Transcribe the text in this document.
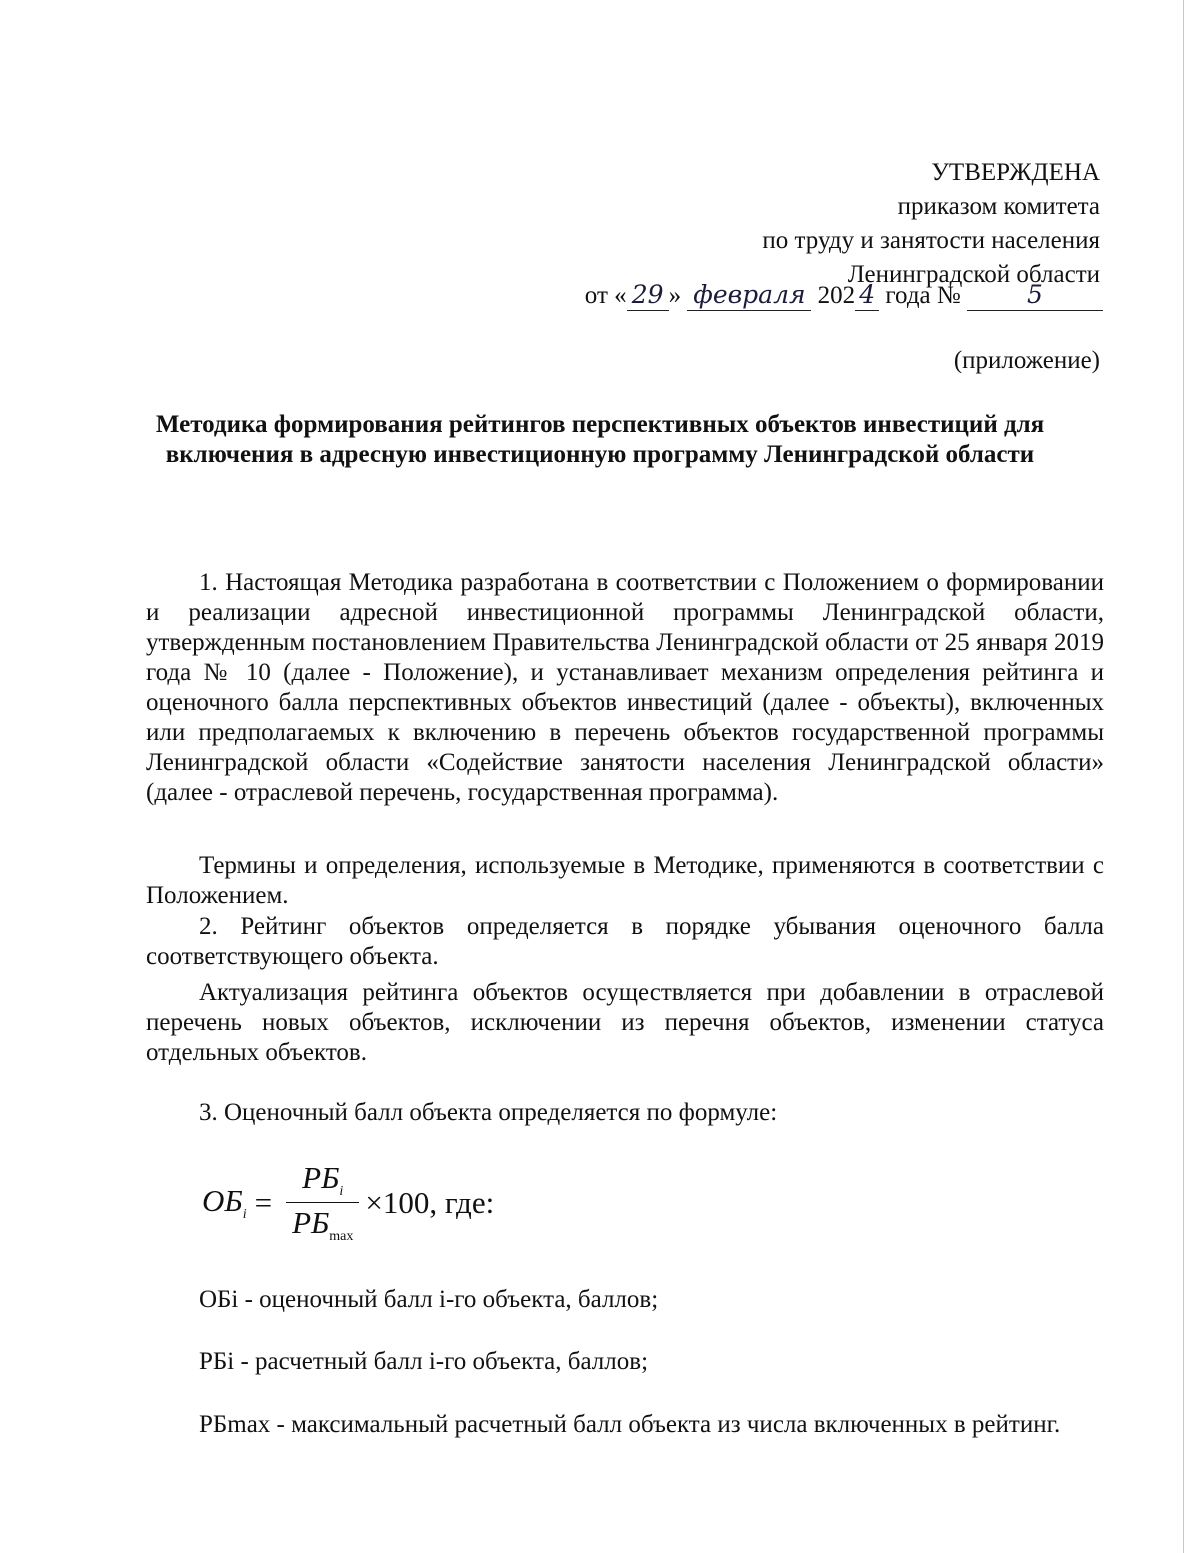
УТВЕРЖДЕНА
приказом комитета
по труду и занятости населения
Ленинградской области
от « 29 » февраля 202 4 года №	5
(приложение)
Методика формирования рейтингов перспективных объектов инвестиций для включения в адресную инвестиционную программу Ленинградской области
1. Настоящая Методика разработана в соответствии с Положением о формировании и реализации адресной инвестиционной программы Ленинградской области, утвержденным постановлением Правительства Ленинградской области от 25 января 2019 года № 10 (далее - Положение), и устанавливает механизм определения рейтинга и оценочного балла перспективных объектов инвестиций (далее - объекты), включенных или предполагаемых к включению в перечень объектов государственной программы Ленинградской области «Содействие занятости населения Ленинградской области» (далее - отраслевой перечень, государственная программа).
Термины и определения, используемые в Методике, применяются в соответствии с Положением.
2. Рейтинг объектов определяется в порядке убывания оценочного балла соответствующего объекта.
Актуализация рейтинга объектов осуществляется при добавлении в отраслевой перечень новых объектов, исключении из перечня объектов, изменении статуса отдельных объектов.
3. Оценочный балл объекта определяется по формуле:
$ОБ_i = \frac{РБ_i}{РБ_{max}} \times 100$, где:
ОБi - оценочный балл i-го объекта, баллов;
РБi - расчетный балл i-го объекта, баллов;
РБmax - максимальный расчетный балл объекта из числа включенных в рейтинг.
